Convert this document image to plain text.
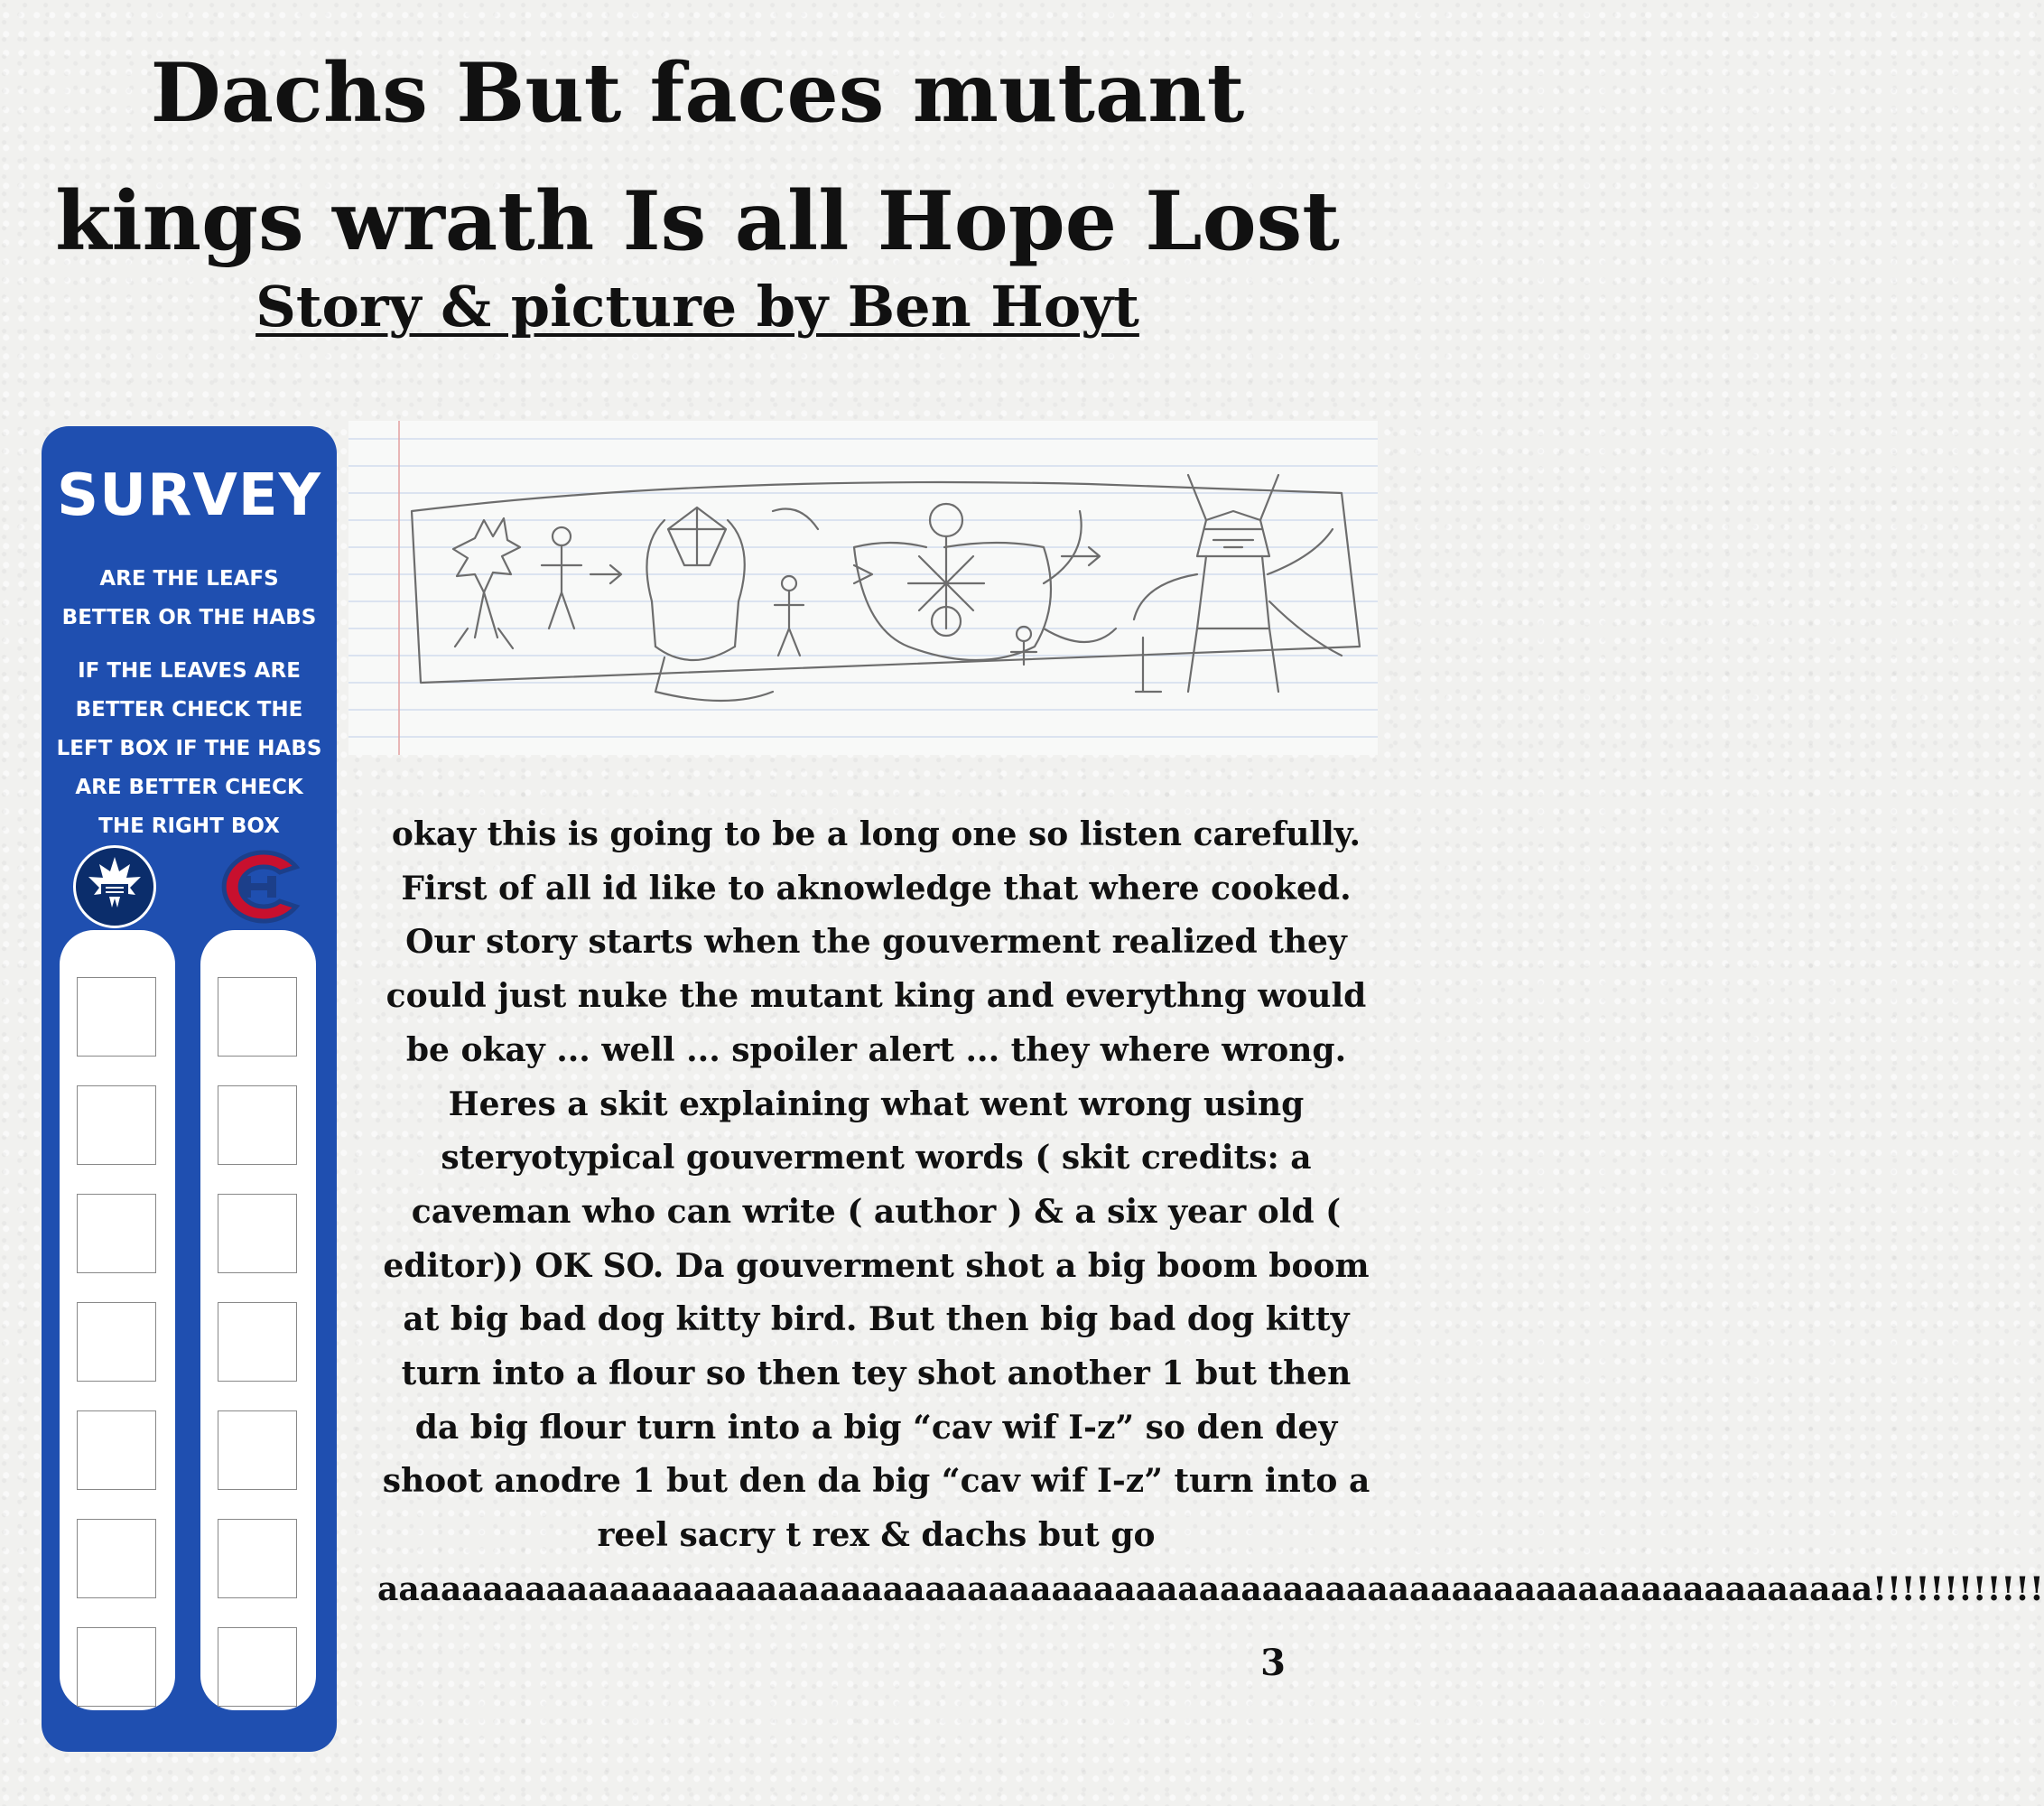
Dachs But faces mutant kings wrath Is all Hope Lost
Story & picture by Ben Hoyt
SURVEY
ARE THE LEAFS BETTER OR THE HABS
IF THE LEAVES ARE BETTER CHECK THE LEFT BOX IF THE HABS ARE BETTER CHECK THE RIGHT BOX	okay this is going to be a long one so listen carefully. First of all id like to aknowledge that where cooked. Our story starts when the gouverment realized they could just nuke the mutant king and everythng would be okay ... well ... spoiler alert ... they where wrong. Heres a skit explaining what went wrong using steryotypical gouverment words ( skit credits: a caveman who can write ( author ) & a six year old ( editor)) OK SO. Da gouverment shot a big boom boom at big bad dog kitty bird. But then big bad dog kitty turn into a flour so then tey shot another 1 but then da big flour turn into a big “cav wif I-z” so den dey shoot anodre 1 but den da big “cav wif I-z” turn into a reel sacry t rex & dachs but go aaaaaaaaaaaaaaaaaaaaaaaaaaaaaaaaaaaaaaaaaaaaaaaaaaaaaaaaaaaaaaaaaaaaaaa!!!!!!!!!!!!
3
